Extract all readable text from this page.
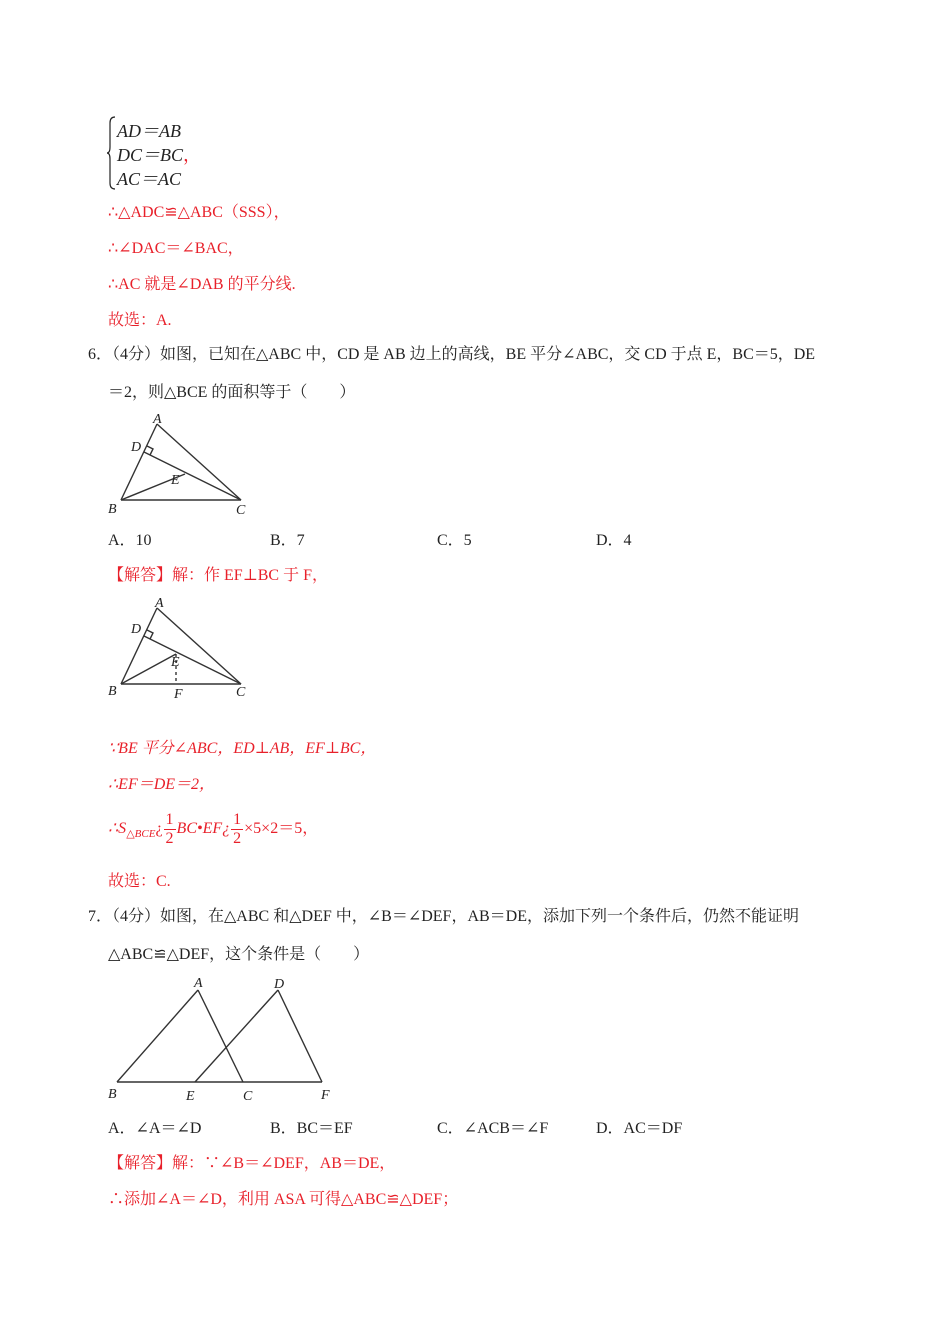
AD＝AB
DC＝BC，
AC＝AC
∴△ADC≌△ABC（SSS），
∴∠DAC＝∠BAC，
∴AC 就是∠DAB 的平分线.
故选：A.
6．（4分）如图，已知在△ABC 中，CD 是 AB 边上的高线，BE 平分∠ABC，交 CD 于点 E，BC＝5，DE
＝2，则△BCE 的面积等于（　　）
A
D
E
B	C
A．10	B．7	C．5	D．4
【解答】解：作 EF⊥BC 于 F，
A
D
E
B	F	C
∵BE 平分∠ABC，ED⊥AB，EF⊥BC，
∴EF＝DE＝2，
$\therefore S_{\triangle BCE}¿ \frac{1}{2}$ BC•EF¿ $\frac{1}{2} \times 5\times 2=5$，
故选：C.
7．（4分）如图，在△ABC 和△DEF 中，∠B＝∠DEF，AB＝DE，添加下列一个条件后，仍然不能证明
△ABC≌△DEF，这个条件是（　　）
A	D
B	E	C	F
A．∠A＝∠D	B．BC＝EF	C．∠ACB＝∠F	D．AC＝DF
【解答】解：∵∠B＝∠DEF，AB＝DE，
∴添加∠A＝∠D，利用 ASA 可得△ABC≌△DEF；
